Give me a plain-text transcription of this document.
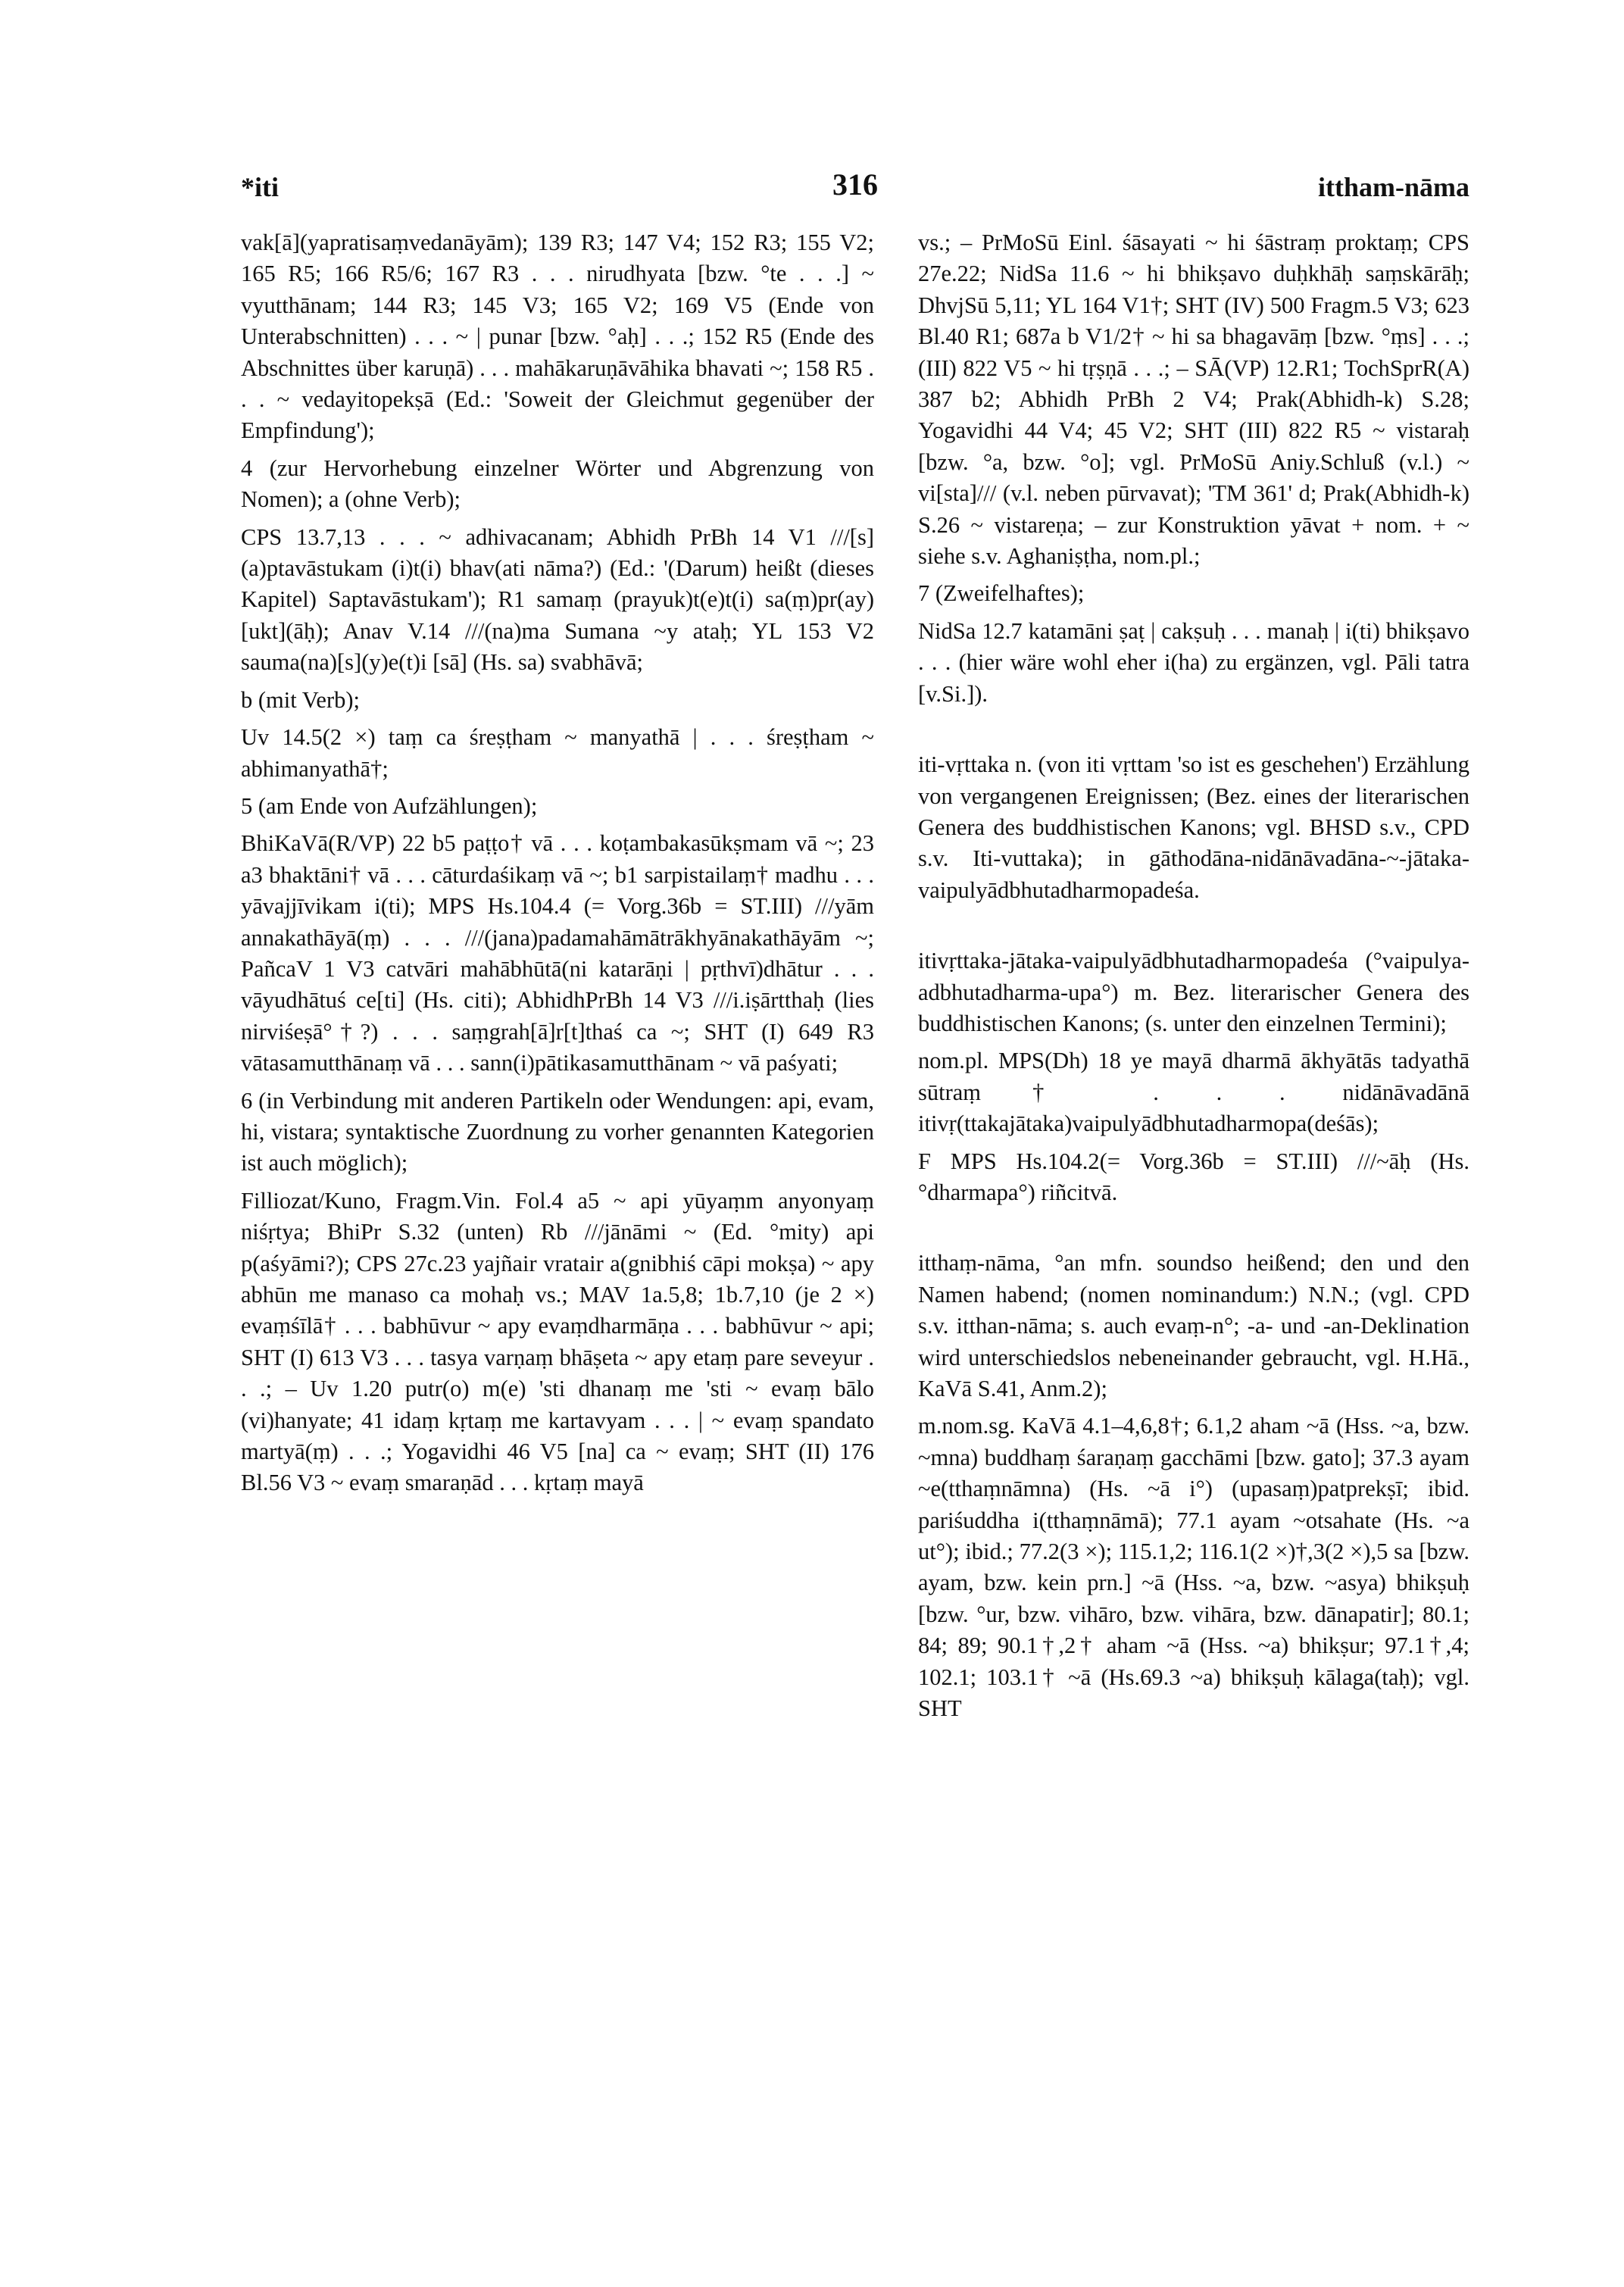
*iti	316	ittham-nāma

vak[ā](yapratisaṃvedanāyām); 139 R3; 147 V4; 152 R3; 155 V2; 165 R5; 166 R5/6; 167 R3 . . . nirudhyata [bzw. °te . . .] ~ vyutthānam; 144 R3; 145 V3; 165 V2; 169 V5 (Ende von Unterabschnitten) . . . ~ | punar [bzw. °aḥ] . . .; 152 R5 (Ende des Abschnittes über karuṇā) . . . mahākaruṇāvāhika bhavati ~; 158 R5 . . . ~ vedayitopekṣā (Ed.: 'Soweit der Gleichmut gegenüber der Empfindung');

4 (zur Hervorhebung einzelner Wörter und Abgrenzung von Nomen); a (ohne Verb);

CPS 13.7,13 . . . ~ adhivacanam; Abhidh PrBh 14 V1 ///[s](a)ptavāstukam (i)t(i) bhav(ati nāma?) (Ed.: '(Darum) heißt (dieses Kapitel) Saptavāstukam'); R1 samaṃ (prayuk)t(e)t(i) sa(ṃ)pr(ay)[ukt](āḥ); Anav V.14 ///(na)ma Sumana ~y ataḥ; YL 153 V2 sauma(na)[s](y)e(t)i [sā] (Hs. sa) svabhāvā;

b (mit Verb);

Uv 14.5(2 ×) taṃ ca śreṣṭham ~ manyathā | . . . śreṣṭham ~ abhimanyathā†;

5 (am Ende von Aufzählungen);

BhiKaVā(R/VP) 22 b5 paṭṭo† vā . . . koṭambakasūkṣmam vā ~; 23 a3 bhaktāni† vā . . . cāturdaśikaṃ vā ~; b1 sarpistailaṃ† madhu . . . yāvajjīvikam i(ti); MPS Hs.104.4 (= Vorg.36b = ST.III) ///yām annakathāyā(ṃ) . . . ///(jana)padamahāmātrākhyānakathāyām ~; PañcaV 1 V3 catvāri mahābhūtā(ni katarāṇi | pṛthvī)dhātur . . . vāyudhātuś ce[ti] (Hs. citi); AbhidhPrBh 14 V3 ///i.iṣārtthaḥ (lies nirviśeṣā°†?) . . . saṃgrah[ā]r[t]thaś ca ~; SHT (I) 649 R3 vātasamutthānaṃ vā . . . sann(i)pātikasamutthānam ~ vā paśyati;

6 (in Verbindung mit anderen Partikeln oder Wendungen: api, evam, hi, vistara; syntaktische Zuordnung zu vorher genannten Kategorien ist auch möglich);

Filliozat/Kuno, Fragm.Vin. Fol.4 a5 ~ api yūyaṃm anyonyaṃ niśṛtya; BhiPr S.32 (unten) Rb ///jānāmi ~ (Ed. °mity) api p(aśyāmi?); CPS 27c.23 yajñair vratair a(gnibhiś cāpi mokṣa) ~ apy abhūn me manaso ca mohaḥ vs.; MAV 1a.5,8; 1b.7,10 (je 2 ×) evaṃśīlā† . . . babhūvur ~ apy evaṃdharmāṇa . . . babhūvur ~ api; SHT (I) 613 V3 . . . tasya varṇaṃ bhāṣeta ~ apy etaṃ pare seveyur . . .; – Uv 1.20 putr(o) m(e) 'sti dhanaṃ me 'sti ~ evaṃ bālo (vi)hanyate; 41 idaṃ kṛtaṃ me kartavyam . . . | ~ evaṃ spandato martyā(ṃ) . . .; Yogavidhi 46 V5 [na] ca ~ evaṃ; SHT (II) 176 Bl.56 V3 ~ evaṃ smaraṇād . . . kṛtaṃ mayā

vs.; – PrMoSū Einl. śāsayati ~ hi śāstraṃ proktaṃ; CPS 27e.22; NidSa 11.6 ~ hi bhikṣavo duḥkhāḥ saṃskārāḥ; DhvjSū 5,11; YL 164 V1†; SHT (IV) 500 Fragm.5 V3; 623 Bl.40 R1; 687a b V1/2† ~ hi sa bhagavāṃ [bzw. °ṃs] . . .; (III) 822 V5 ~ hi tṛṣṇā . . .; – SĀ(VP) 12.R1; TochSprR(A) 387 b2; Abhidh PrBh 2 V4; Prak(Abhidh-k) S.28; Yogavidhi 44 V4; 45 V2; SHT (III) 822 R5 ~ vistaraḥ [bzw. °a, bzw. °o]; vgl. PrMoSū Aniy.Schluß (v.l.) ~ vi[sta]/// (v.l. neben pūrvavat); 'TM 361' d; Prak(Abhidh-k) S.26 ~ vistareṇa; – zur Konstruktion yāvat + nom. + ~ siehe s.v. Aghaniṣṭha, nom.pl.;

7 (Zweifelhaftes);

NidSa 12.7 katamāni ṣaṭ | cakṣuḥ . . . manaḥ | i(ti) bhikṣavo . . . (hier wäre wohl eher i(ha) zu ergänzen, vgl. Pāli tatra [v.Si.]).

iti-vṛttaka n. (von iti vṛttam 'so ist es geschehen') Erzählung von vergangenen Ereignissen; (Bez. eines der literarischen Genera des buddhistischen Kanons; vgl. BHSD s.v., CPD s.v. Iti-vuttaka); in gāthodāna-nidānāvadāna-~-jātaka-vaipulyādbhutadharmopadeśa.

itivṛttaka-jātaka-vaipulyādbhutadharmopadeśa (°vaipulya-adbhutadharma-upa°) m. Bez. literarischer Genera des buddhistischen Kanons; (s. unter den einzelnen Termini);

nom.pl. MPS(Dh) 18 ye mayā dharmā ākhyātās tadyathā sūtraṃ† . . . nidānāvadānā itivṛ(ttakajātaka)vaipulyādbhutadharmopa(deśās);

F MPS Hs.104.2(= Vorg.36b = ST.III) ///~āḥ (Hs. °dharmapa°) riñcitvā.

itthaṃ-nāma, °an mfn. soundso heißend; den und den Namen habend; (nomen nominandum:) N.N.; (vgl. CPD s.v. itthan-nāma; s. auch evaṃ-n°; -a- und -an-Deklination wird unterschiedslos nebeneinander gebraucht, vgl. H.Hā., KaVā S.41, Anm.2);

m.nom.sg. KaVā 4.1–4,6,8†; 6.1,2 aham ~ā (Hss. ~a, bzw. ~mna) buddhaṃ śaraṇaṃ gacchāmi [bzw. gato]; 37.3 ayam ~e(tthaṃnāmna) (Hs. ~ā i°) (upasaṃ)patprekṣī; ibid. pariśuddha i(tthaṃnāmā); 77.1 ayam ~otsahate (Hs. ~a ut°); ibid.; 77.2(3 ×); 115.1,2; 116.1(2 ×)†,3(2 ×),5 sa [bzw. ayam, bzw. kein prn.] ~ā (Hss. ~a, bzw. ~asya) bhikṣuḥ [bzw. °ur, bzw. vihāro, bzw. vihāra, bzw. dānapatir]; 80.1; 84; 89; 90.1†,2† aham ~ā (Hss. ~a) bhikṣur; 97.1†,4; 102.1; 103.1† ~ā (Hs.69.3 ~a) bhikṣuḥ kālaga(taḥ); vgl. SHT
